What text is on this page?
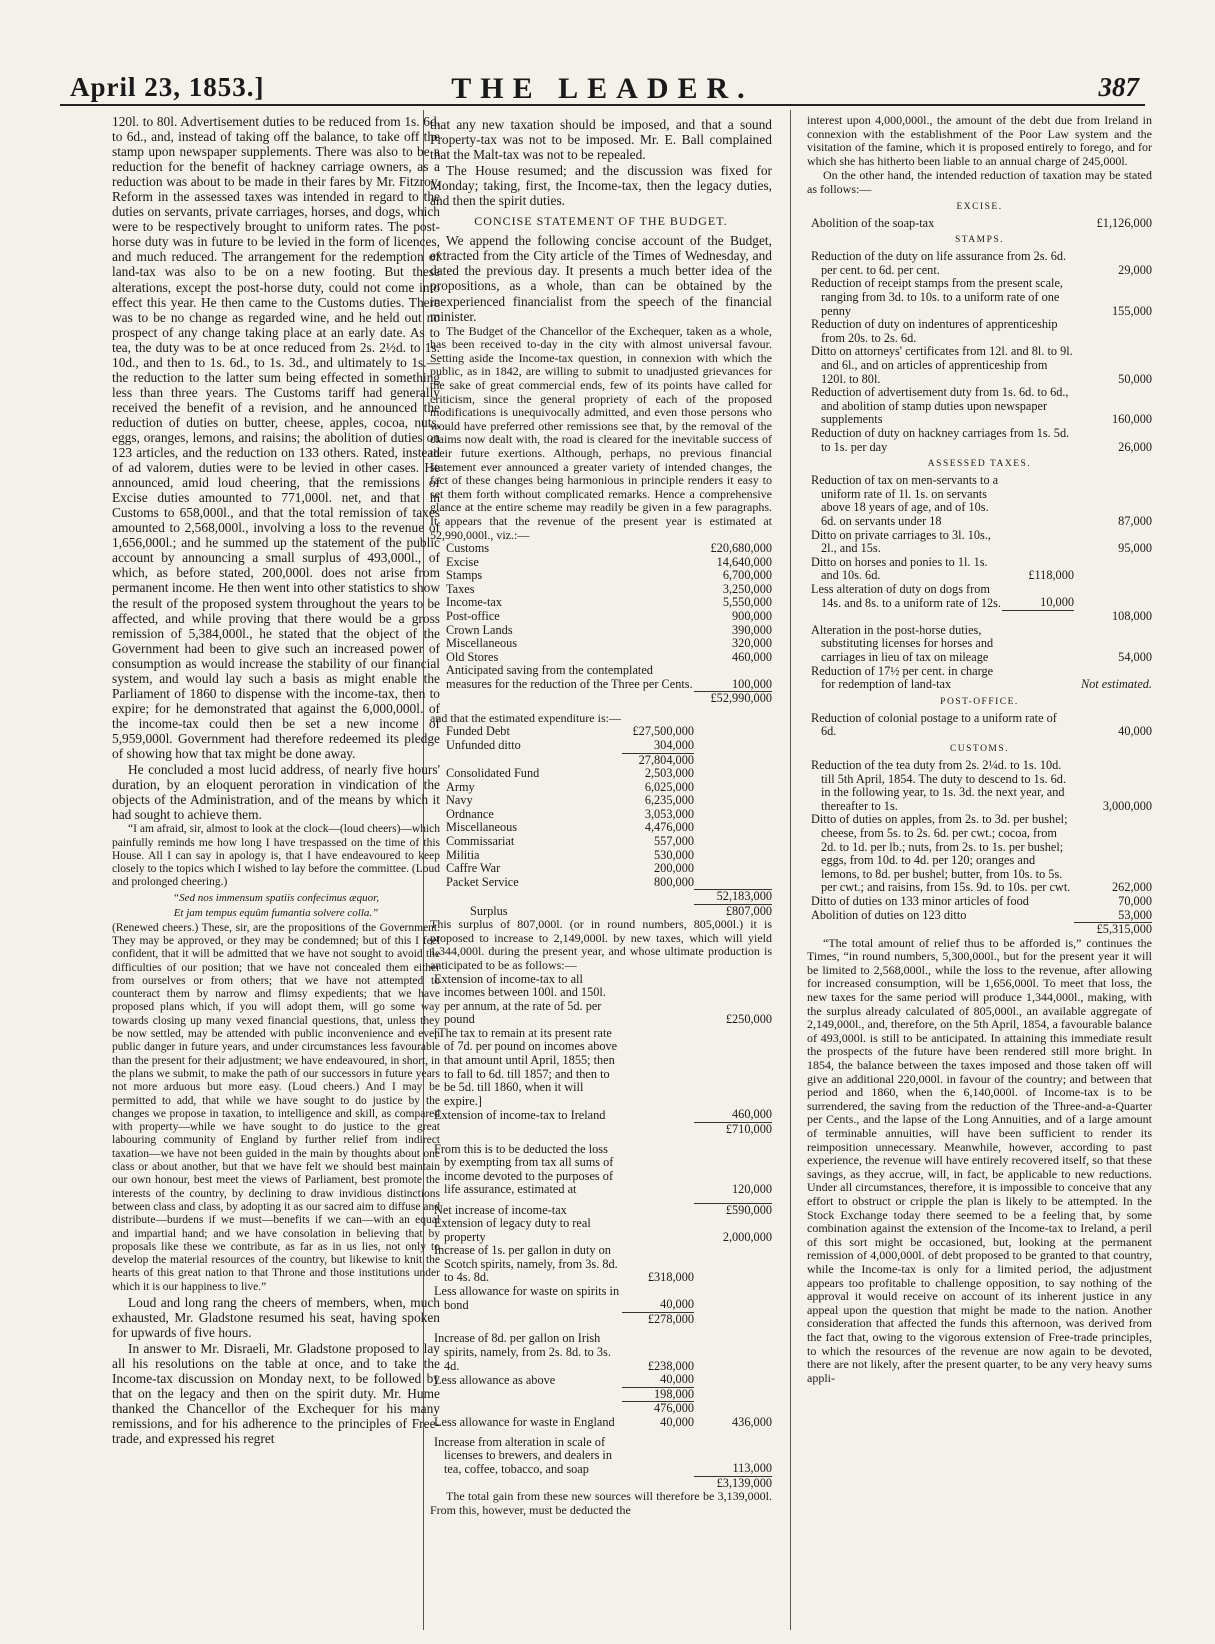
April 23, 1853.]	THE LEADER.	387

120l. to 80l. Advertisement duties to be reduced from 1s. 6d. to 6d., and, instead of taking off the balance, to take off the stamp upon newspaper supplements. There was also to be a reduction for the benefit of hackney carriage owners, as a reduction was about to be made in their fares by Mr. Fitzroy. Reform in the assessed taxes was intended in regard to the duties on servants, private carriages, horses, and dogs, which were to be respectively brought to uniform rates. The post-horse duty was in future to be levied in the form of licences, and much reduced. The arrangement for the redemption of land-tax was also to be on a new footing. But these alterations, except the post-horse duty, could not come into effect this year. He then came to the Customs duties. There was to be no change as regarded wine, and he held out no prospect of any change taking place at an early date. As to tea, the duty was to be at once reduced from 2s. 2½d. to 1s. 10d., and then to 1s. 6d., to 1s. 3d., and ultimately to 1s.—the reduction to the latter sum being effected in something less than three years. The Customs tariff had generally received the benefit of a revision, and he announced the reduction of duties on butter, cheese, apples, cocoa, nuts, eggs, oranges, lemons, and raisins; the abolition of duties on 123 articles, and the reduction on 133 others. Rated, instead of ad valorem, duties were to be levied in other cases. He announced, amid loud cheering, that the remissions of Excise duties amounted to 771,000l. net, and that in Customs to 658,000l., and that the total remission of taxes amounted to 2,568,000l., involving a loss to the revenue of 1,656,000l.; and he summed up the statement of the public account by announcing a small surplus of 493,000l., of which, as before stated, 200,000l. does not arise from permanent income. He then went into other statistics to show the result of the proposed system throughout the years to be affected, and while proving that there would be a gross remission of 5,384,000l., he stated that the object of the Government had been to give such an increased power of consumption as would increase the stability of our financial system, and would lay such a basis as might enable the Parliament of 1860 to dispense with the income-tax, then to expire; for he demonstrated that against the 6,000,000l. of the income-tax could then be set a new income of 5,959,000l. Government had therefore redeemed its pledge of showing how that tax might be done away.

He concluded a most lucid address, of nearly five hours' duration, by an eloquent peroration in vindication of the objects of the Administration, and of the means by which it had sought to achieve them.

“I am afraid, sir, almost to look at the clock—(loud cheers)—which painfully reminds me how long I have trespassed on the time of this House. All I can say in apology is, that I have endeavoured to keep closely to the topics which I wished to lay before the committee. (Loud and prolonged cheering.)

“Sed nos immensum spatiis confecimus æquor,
Et jam tempus equûm fumantia solvere colla.”

(Renewed cheers.) These, sir, are the propositions of the Government. They may be approved, or they may be condemned; but of this I feel confident, that it will be admitted that we have not sought to avoid the difficulties of our position; that we have not concealed them either from ourselves or from others; that we have not attempted to counteract them by narrow and flimsy expedients; that we have proposed plans which, if you will adopt them, will go some way towards closing up many vexed financial questions, that, unless they be now settled, may be attended with public inconvenience and even public danger in future years, and under circumstances less favourable than the present for their adjustment; we have endeavoured, in short, in the plans we submit, to make the path of our successors in future years not more arduous but more easy. (Loud cheers.) And I may be permitted to add, that while we have sought to do justice by the changes we propose in taxation, to intelligence and skill, as compared with property—while we have sought to do justice to the great labouring community of England by further relief from indirect taxation—we have not been guided in the main by thoughts about one class or about another, but that we have felt we should best maintain our own honour, best meet the views of Parliament, best promote the interests of the country, by declining to draw invidious distinctions between class and class, by adopting it as our sacred aim to diffuse and distribute—burdens if we must—benefits if we can—with an equal and impartial hand; and we have consolation in believing that by proposals like these we contribute, as far as in us lies, not only to develop the material resources of the country, but likewise to knit the hearts of this great nation to that Throne and those institutions under which it is our happiness to live.”

Loud and long rang the cheers of members, when, much exhausted, Mr. Gladstone resumed his seat, having spoken for upwards of five hours.

In answer to Mr. Disraeli, Mr. Gladstone proposed to lay all his resolutions on the table at once, and to take the Income-tax discussion on Monday next, to be followed by that on the legacy and then on the spirit duty. Mr. Hume thanked the Chancellor of the Exchequer for his many remissions, and for his adherence to the principles of Free-trade, and expressed his regret

that any new taxation should be imposed, and that a sound Property-tax was not to be imposed. Mr. E. Ball complained that the Malt-tax was not to be repealed.

The House resumed; and the discussion was fixed for Monday; taking, first, the Income-tax, then the legacy duties, and then the spirit duties.

CONCISE STATEMENT OF THE BUDGET.

We append the following concise account of the Budget, extracted from the City article of the Times of Wednesday, and dated the previous day. It presents a much better idea of the propositions, as a whole, than can be obtained by the inexperienced financialist from the speech of the financial minister.

The Budget of the Chancellor of the Exchequer, taken as a whole, has been received to-day in the city with almost universal favour. Setting aside the Income-tax question, in connexion with which the public, as in 1842, are willing to submit to unadjusted grievances for the sake of great commercial ends, few of its points have called for criticism, since the general propriety of each of the proposed modifications is unequivocally admitted, and even those persons who would have preferred other remissions see that, by the removal of the claims now dealt with, the road is cleared for the inevitable success of their future exertions. Although, perhaps, no previous financial statement ever announced a greater variety of intended changes, the fact of these changes being harmonious in principle renders it easy to set them forth without complicated remarks. Hence a comprehensive glance at the entire scheme may readily be given in a few paragraphs. It appears that the revenue of the present year is estimated at 52,990,000l., viz.:—

Customs	£20,680,000
Excise	14,640,000
Stamps	6,700,000
Taxes	3,250,000
Income-tax	5,550,000
Post-office	900,000
Crown Lands	390,000
Miscellaneous	320,000
Old Stores	460,000
Anticipated saving from the contemplated measures for the reduction of the Three per Cents.	100,000
	£52,990,000
and that the estimated expenditure is:—
Funded Debt	£27,500,000	
Unfunded ditto	304,000	
	27,804,000	
Consolidated Fund	2,503,000	
Army	6,025,000	
Navy	6,235,000	
Ordnance	3,053,000	
Miscellaneous	4,476,000	
Commissariat	557,000	
Militia	530,000	
Caffre War	200,000	
Packet Service	800,000	
		52,183,000
Surplus		£807,000

This surplus of 807,000l. (or in round numbers, 805,000l.) it is proposed to increase to 2,149,000l. by new taxes, which will yield 1,344,000l. during the present year, and whose ultimate production is anticipated to be as follows:—

Extension of income-tax to all incomes between 100l. and 150l. per annum, at the rate of 5d. per pound		£250,000
[The tax to remain at its present rate of 7d. per pound on incomes above that amount until April, 1855; then to fall to 6d. till 1857; and then to be 5d. till 1860, when it will expire.]		
Extension of income-tax to Ireland		460,000
		£710,000

From this is to be deducted the loss by exempting from tax all sums of income devoted to the purposes of life assurance, estimated at		120,000

Net increase of income-tax		£590,000
Extension of legacy duty to real property		2,000,000
Increase of 1s. per gallon in duty on Scotch spirits, namely, from 3s. 8d. to 4s. 8d.	£318,000	
Less allowance for waste on spirits in bond	40,000	
	£278,000	

Increase of 8d. per gallon on Irish spirits, namely, from 2s. 8d. to 3s. 4d.	£238,000	
Less allowance as above	40,000	
	198,000	
	476,000	
Less allowance for waste in England	40,000	436,000

Increase from alteration in scale of licenses to brewers, and dealers in tea, coffee, tobacco, and soap		113,000
		£3,139,000

The total gain from these new sources will therefore be 3,139,000l. From this, however, must be deducted the

interest upon 4,000,000l., the amount of the debt due from Ireland in connexion with the establishment of the Poor Law system and the visitation of the famine, which it is proposed entirely to forego, and for which she has hitherto been liable to an annual charge of 245,000l.

On the other hand, the intended reduction of taxation may be stated as follows:—

EXCISE.
Abolition of the soap-tax	£1,126,000
STAMPS.
Reduction of the duty on life assurance from 2s. 6d. per cent. to 6d. per cent.	29,000
Reduction of receipt stamps from the present scale, ranging from 3d. to 10s. to a uniform rate of one penny	155,000
Reduction of duty on indentures of apprenticeship from 20s. to 2s. 6d.	
Ditto on attorneys' certificates from 12l. and 8l. to 9l. and 6l., and on articles of apprenticeship from 120l. to 80l.	50,000
Reduction of advertisement duty from 1s. 6d. to 6d., and abolition of stamp duties upon newspaper supplements	160,000
Reduction of duty on hackney carriages from 1s. 5d. to 1s. per day	26,000
ASSESSED TAXES.
Reduction of tax on men-servants to a uniform rate of 1l. 1s. on servants above 18 years of age, and of 10s. 6d. on servants under 18		87,000
Ditto on private carriages to 3l. 10s., 2l., and 15s.		95,000
Ditto on horses and ponies to 1l. 1s. and 10s. 6d.	£118,000	
Less alteration of duty on dogs from 14s. and 8s. to a uniform rate of 12s.	10,000	
		108,000
Alteration in the post-horse duties, substituting licenses for horses and carriages in lieu of tax on mileage		54,000
Reduction of 17½ per cent. in charge for redemption of land-tax		Not estimated.
POST-OFFICE.
Reduction of colonial postage to a uniform rate of 6d.	40,000
CUSTOMS.
Reduction of the tea duty from 2s. 2¼d. to 1s. 10d. till 5th April, 1854. The duty to descend to 1s. 6d. in the following year, to 1s. 3d. the next year, and thereafter to 1s.	3,000,000
Ditto of duties on apples, from 2s. to 3d. per bushel; cheese, from 5s. to 2s. 6d. per cwt.; cocoa, from 2d. to 1d. per lb.; nuts, from 2s. to 1s. per bushel; eggs, from 10d. to 4d. per 120; oranges and lemons, to 8d. per bushel; butter, from 10s. to 5s. per cwt.; and raisins, from 15s. 9d. to 10s. per cwt.	262,000
Ditto of duties on 133 minor articles of food	70,000
Abolition of duties on 123 ditto	53,000
	£5,315,000

“The total amount of relief thus to be afforded is,” continues the Times, “in round numbers, 5,300,000l., but for the present year it will be limited to 2,568,000l., while the loss to the revenue, after allowing for increased consumption, will be 1,656,000l. To meet that loss, the new taxes for the same period will produce 1,344,000l., making, with the surplus already calculated of 805,000l., an available aggregate of 2,149,000l., and, therefore, on the 5th April, 1854, a favourable balance of 493,000l. is still to be anticipated. In attaining this immediate result the prospects of the future have been rendered still more bright. In 1854, the balance between the taxes imposed and those taken off will give an additional 220,000l. in favour of the country; and between that period and 1860, when the 6,140,000l. of Income-tax is to be surrendered, the saving from the reduction of the Three-and-a-Quarter per Cents., and the lapse of the Long Annuities, and of a large amount of terminable annuities, will have been sufficient to render its reimposition unnecessary. Meanwhile, however, according to past experience, the revenue will have entirely recovered itself, so that these savings, as they accrue, will, in fact, be applicable to new reductions. Under all circumstances, therefore, it is impossible to conceive that any effort to obstruct or cripple the plan is likely to be attempted. In the Stock Exchange today there seemed to be a feeling that, by some combination against the extension of the Income-tax to Ireland, a peril of this sort might be occasioned, but, looking at the permanent remission of 4,000,000l. of debt proposed to be granted to that country, while the Income-tax is only for a limited period, the adjustment appears too profitable to challenge opposition, to say nothing of the approval it would receive on account of its inherent justice in any appeal upon the question that might be made to the nation. Another consideration that affected the funds this afternoon, was derived from the fact that, owing to the vigorous extension of Free-trade principles, to which the resources of the revenue are now again to be devoted, there are not likely, after the present quarter, to be any very heavy sums appli-
